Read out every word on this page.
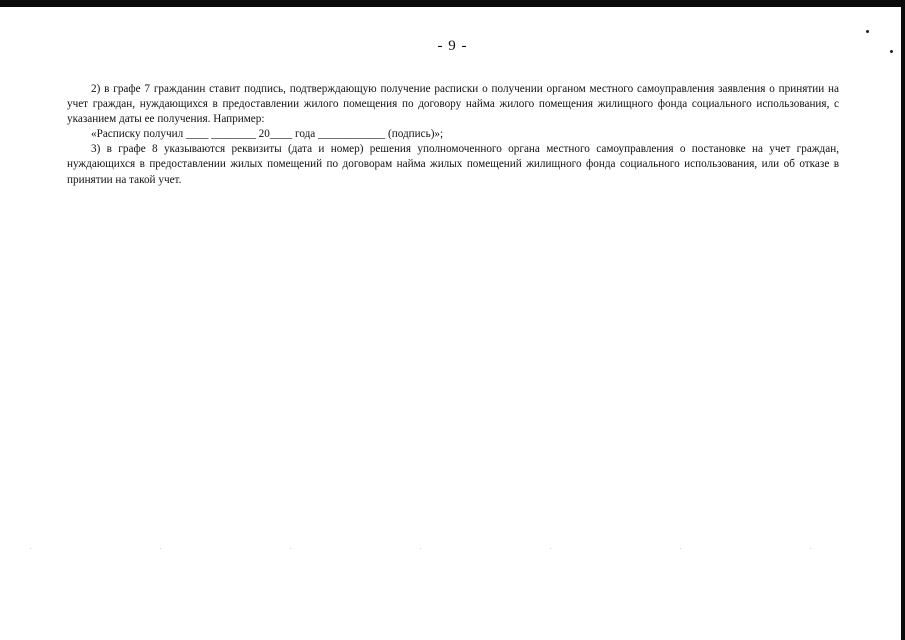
- 9 -

2) в графе 7 гражданин ставит подпись, подтверждающую получение расписки о получении органом местного самоуправления заявления о принятии на учет граждан, нуждающихся в предоставлении жилого помещения по договору найма жилого помещения жилищного фонда социального использования, с указанием даты ее получения. Например:

«Расписку получил ____ ________ 20____ года ____________ (подпись)»;

3) в графе 8 указываются реквизиты (дата и номер) решения уполномоченного органа местного самоуправления о постановке на учет граждан, нуждающихся в предоставлении жилых помещений по договорам найма жилых помещений жилищного фонда социального использования, или об отказе в принятии на такой учет.
